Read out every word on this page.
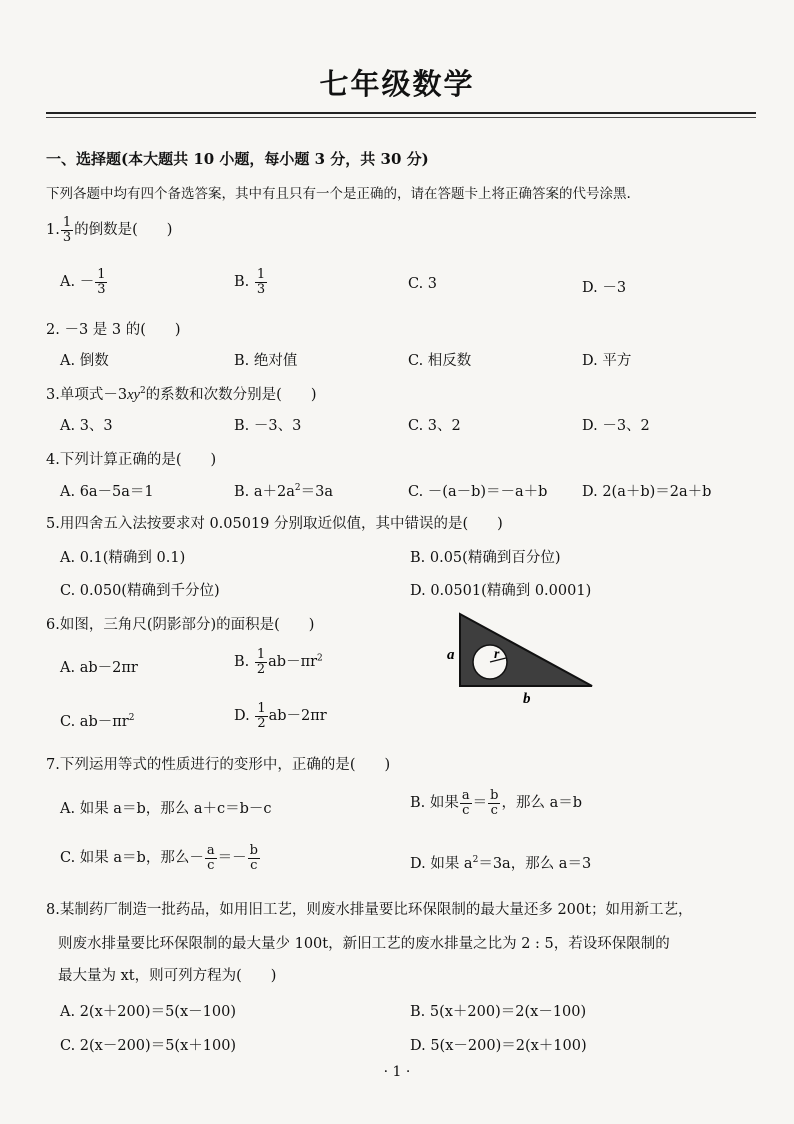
七年级数学
一、选择题(本大题共 10 小题，每小题 3 分，共 30 分)
下列各题中均有四个备选答案，其中有且只有一个是正确的，请在答题卡上将正确答案的代号涂黑.
1. $\frac{1}{3}$ 的倒数是(　　)
A. － $\frac{1}{3}$	B. $\frac{1}{3}$	C. 3	D. －3
2. －3 是 3 的(　　)
A. 倒数	B. 绝对值	C. 相反数	D. 平方
3.单项式$-3xy^2$的系数和次数分别是(　　)
A. 3、3	B. －3、3	C. 3、2	D. －3、2
4.下列计算正确的是(　　)
A. 6a－5a＝1	B. $a+2a^2=3a$	C. －(a－b)＝－a＋b D. 2(a＋b)＝2a＋b
5.用四舍五入法按要求对 0.05019 分别取近似值，其中错误的是(　　)
A. 0.1(精确到 0.1)	B. 0.05(精确到百分位)
C. 0.050(精确到千分位)	D. 0.0501(精确到 0.0001)
6.如图，三角尺(阴影部分)的面积是(　　)
A. ab－2πr	B. $\frac{1}{2} ab-\pi r^2$
C. $ab-\pi r^2$	D. $\frac{1}{2} ab-2\pi r$
a
b
r
7.下列运用等式的性质进行的变形中，正确的是(　　)
A. 如果 a＝b，那么 a＋c＝b－c	B. 如果 $\frac{a}{c} = \frac{b}{c}$ ，那么 a＝b
C. 如果 a＝b，那么－ $\frac{a}{c} =- \frac{b}{c}$	D. 如果 $a^2=3a$，那么 a＝3
8.某制药厂制造一批药品，如用旧工艺，则废水排量要比环保限制的最大量还多 200t；如用新工艺，
则废水排量要比环保限制的最大量少 100t，新旧工艺的废水排量之比为 2 : 5，若设环保限制的
最大量为 xt，则可列方程为(　　)
A. 2(x＋200)＝5(x－100)	B. 5(x＋200)＝2(x－100)
C. 2(x－200)＝5(x＋100)	D. 5(x－200)＝2(x＋100)
· 1 ·
